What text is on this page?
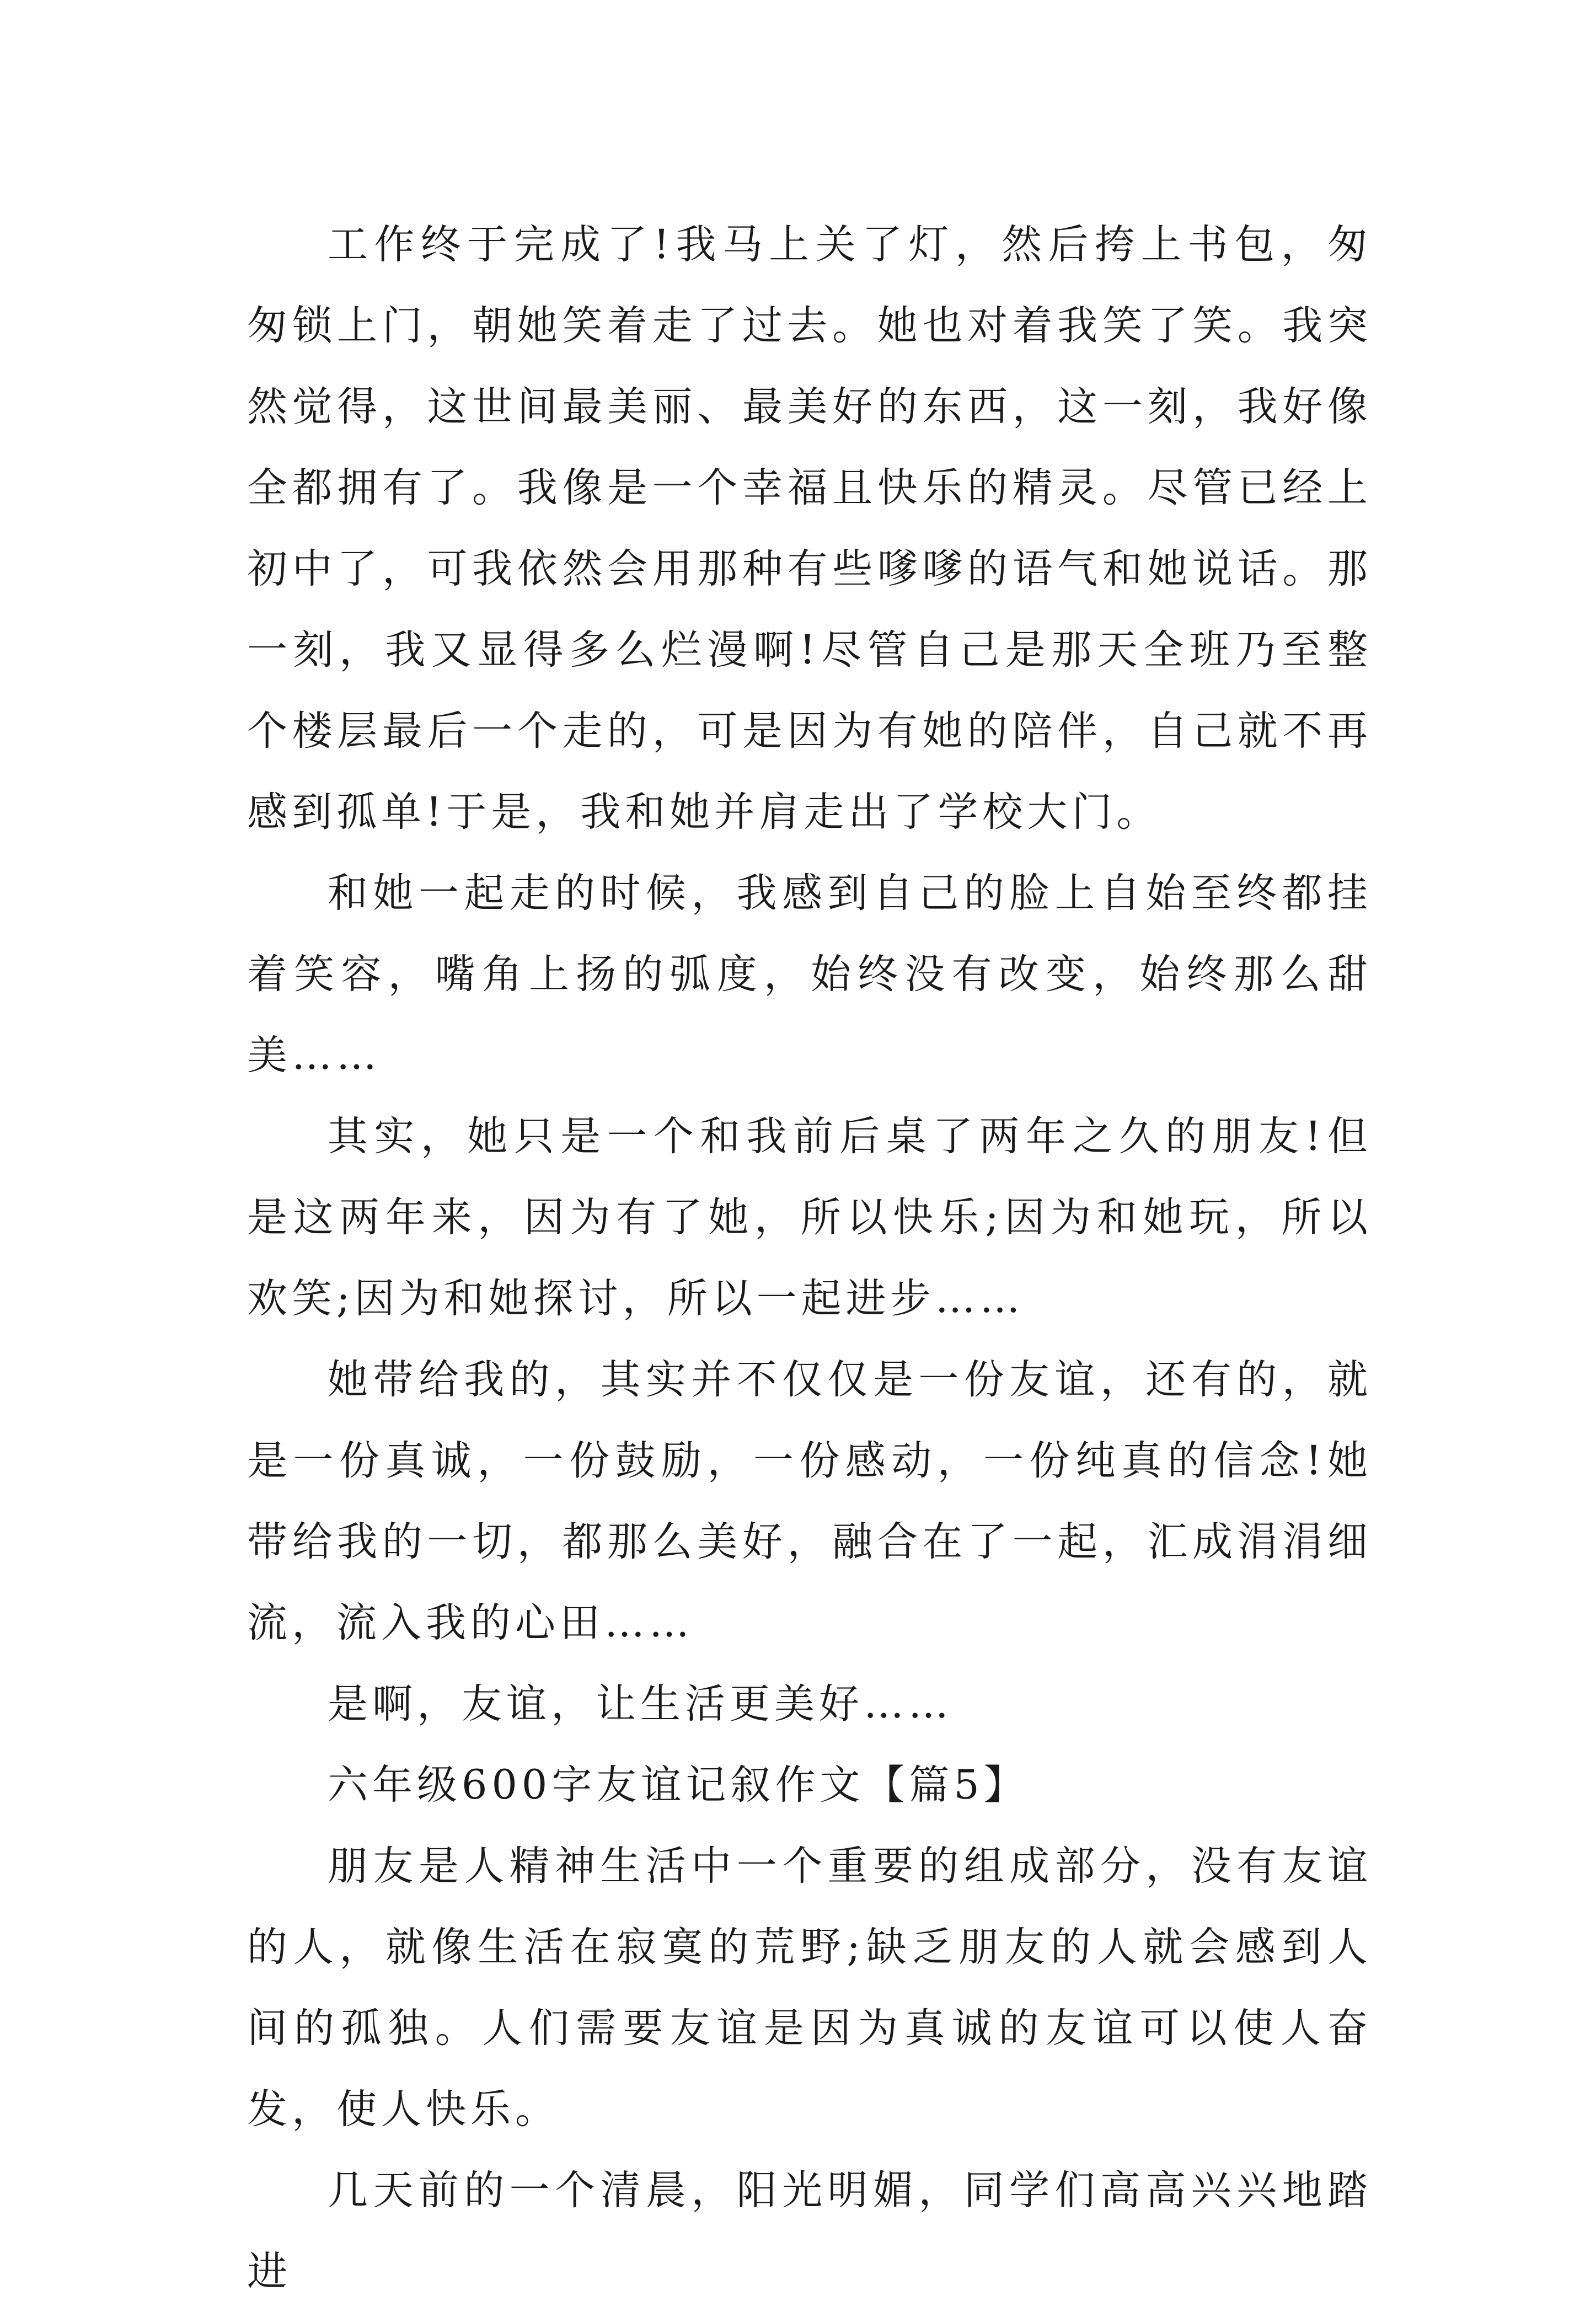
工作终于完成了!我马上关了灯，然后挎上书包，匆匆锁上门，朝她笑着走了过去。她也对着我笑了笑。我突然觉得，这世间最美丽、最美好的东西，这一刻，我好像全都拥有了。我像是一个幸福且快乐的精灵。尽管已经上初中了，可我依然会用那种有些嗲嗲的语气和她说话。那一刻，我又显得多么烂漫啊!尽管自己是那天全班乃至整个楼层最后一个走的，可是因为有她的陪伴，自己就不再感到孤单!于是，我和她并肩走出了学校大门。

和她一起走的时候，我感到自己的脸上自始至终都挂着笑容，嘴角上扬的弧度，始终没有改变，始终那么甜美……

其实，她只是一个和我前后桌了两年之久的朋友!但是这两年来，因为有了她，所以快乐;因为和她玩，所以欢笑;因为和她探讨，所以一起进步……

她带给我的，其实并不仅仅是一份友谊，还有的，就是一份真诚，一份鼓励，一份感动，一份纯真的信念!她带给我的一切，都那么美好，融合在了一起，汇成涓涓细流，流入我的心田……

是啊，友谊，让生活更美好……

六年级600字友谊记叙作文【篇5】

朋友是人精神生活中一个重要的组成部分，没有友谊的人，就像生活在寂寞的荒野;缺乏朋友的人就会感到人间的孤独。人们需要友谊是因为真诚的友谊可以使人奋发，使人快乐。

几天前的一个清晨，阳光明媚，同学们高高兴兴地踏进
